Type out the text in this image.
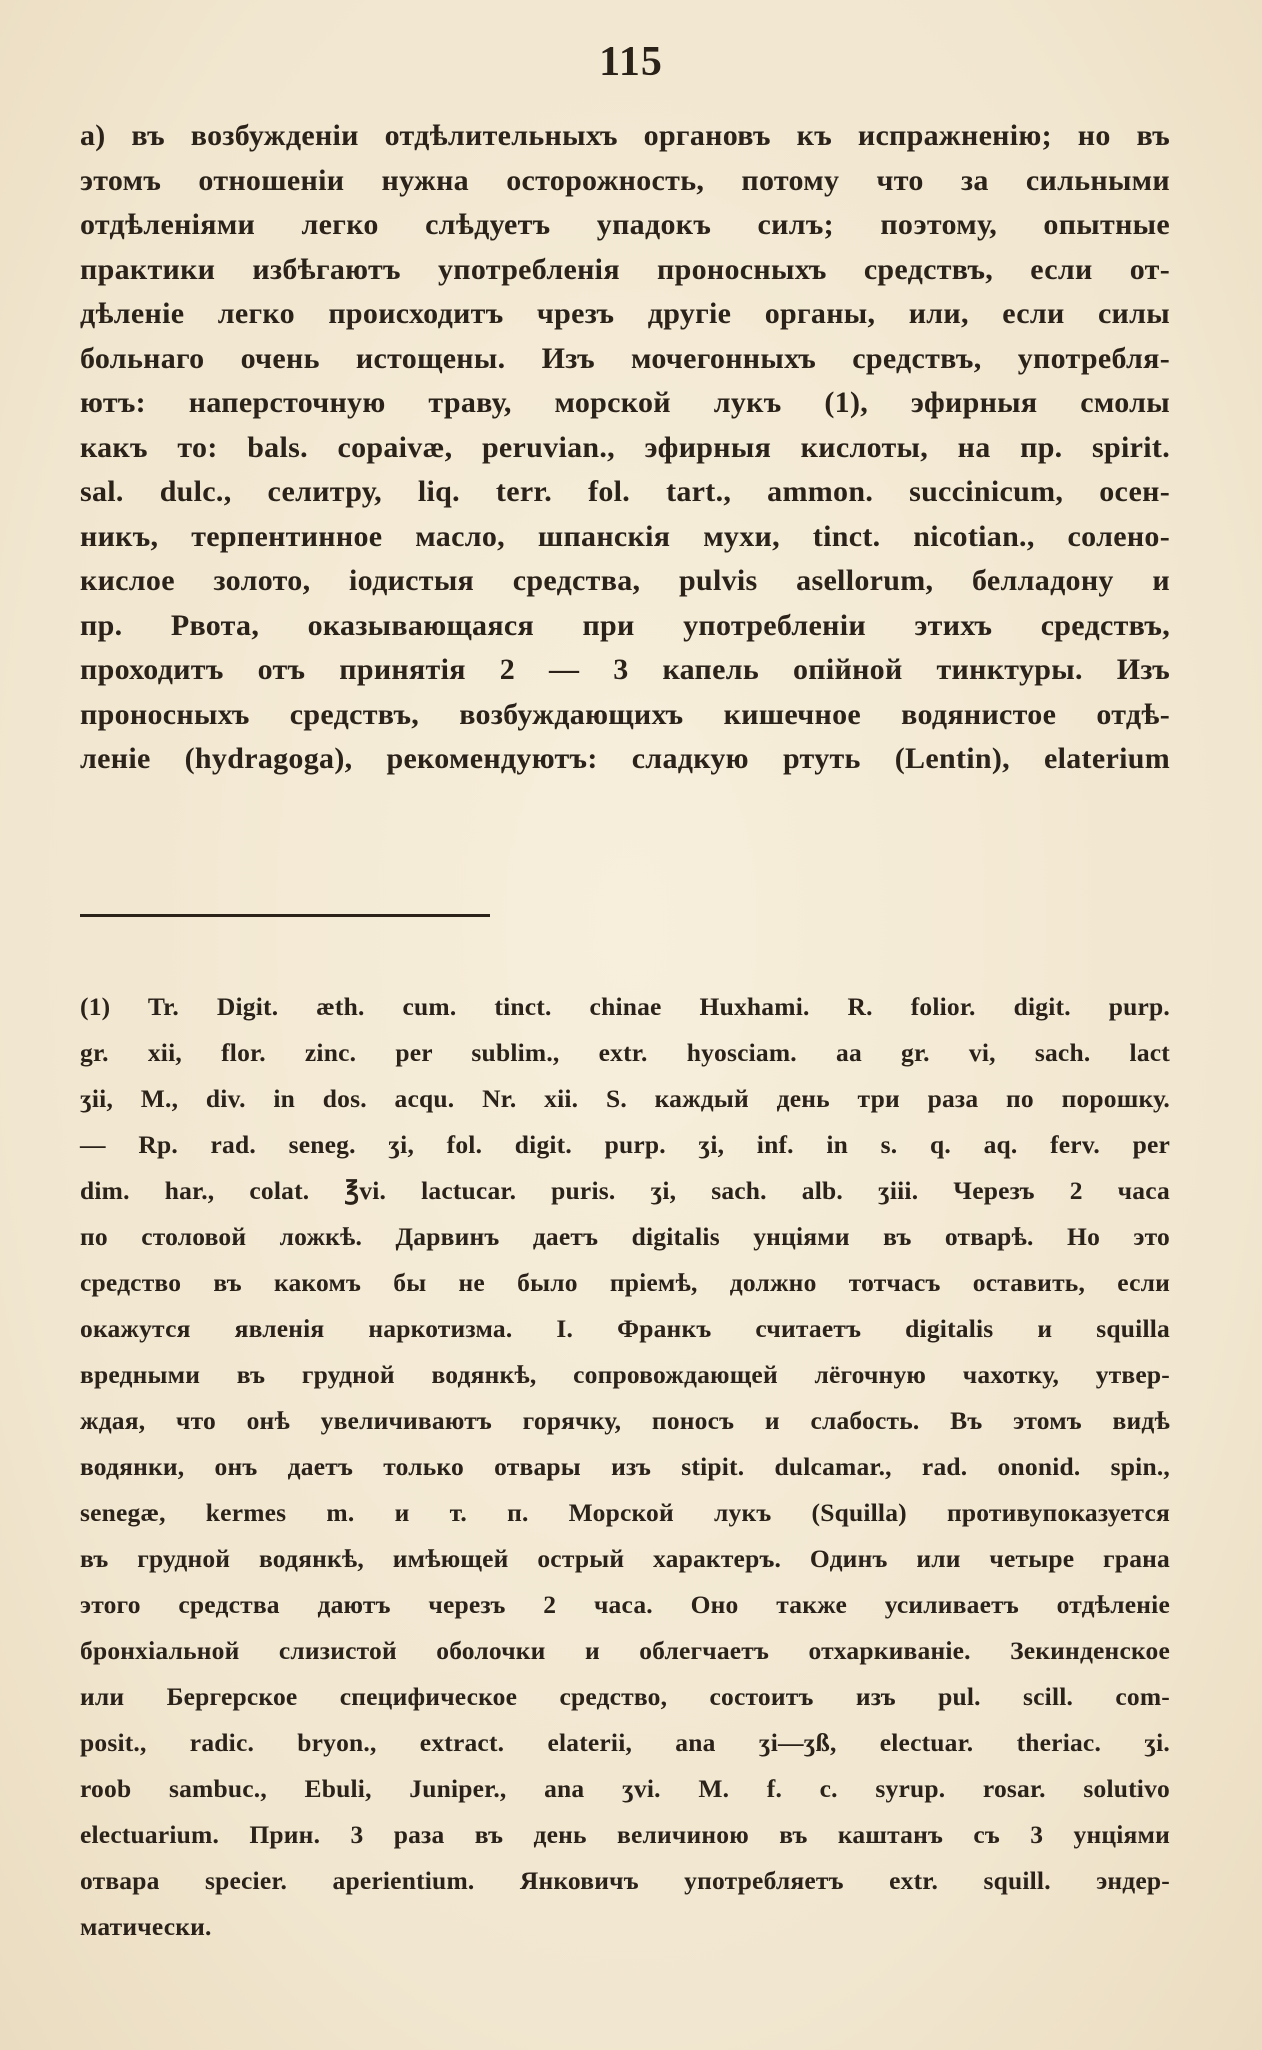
115
а) въ возбужденіи отдѣлительныхъ органовъ къ испражненію; но въ
этомъ отношеніи нужна осторожность, потому что за сильными
отдѣленіями легко слѣдуетъ упадокъ силъ; поэтому, опытные
практики избѣгаютъ употребленія проносныхъ средствъ, если от-
дѣленіе легко происходитъ чрезъ другіе органы, или, если силы
больнаго очень истощены. Изъ мочегонныхъ средствъ, употребля-
ютъ: наперсточную траву, морской лукъ (1), эфирныя смолы
какъ то: bals. copaivæ, peruvian., эфирныя кислоты, на пр. spirit.
sal. dulc., селитру, liq. terr. fol. tart., ammon. succinicum, осен-
никъ, терпентинное масло, шпанскія мухи, tinct. nicotian., солено-
кислое золото, іодистыя средства, pulvis asellorum, белладону и
пр. Рвота, оказывающаяся при употребленіи этихъ средствъ,
проходитъ отъ принятія 2 — 3 капель опійной тинктуры. Изъ
проносныхъ средствъ, возбуждающихъ кишечное водянистое отдѣ-
леніе (hydragoga), рекомендуютъ: сладкую ртуть (Lentin), elaterium
(1) Tr. Digit. æth. cum. tinct. chinae Huxhami. R. folior. digit. purp.
gr. xii, flor. zinc. per sublim., extr. hyosciam. aa gr. vi, sach. lact
ʒii, M., div. in dos. acqu. Nr. xii. S. каждый день три раза по порошку.
— Rp. rad. seneg. ʒi, fol. digit. purp. ʒi, inf. in s. q. aq. ferv. per
dim. har., colat. ℥vi. lactucar. puris. ʒi, sach. alb. ʒiii. Черезъ 2 часа
по столовой ложкѣ. Дарвинъ даетъ digitalis унціями въ отварѣ. Но это
средство въ какомъ бы не было пріемѣ, должно тотчасъ оставить, если
окажутся явленія наркотизма. І. Франкъ считаетъ digitalis и squilla
вредными въ грудной водянкѣ, сопровождающей лёгочную чахотку, утвер-
ждая, что онѣ увеличиваютъ горячку, поносъ и слабость. Въ этомъ видѣ
водянки, онъ даетъ только отвары изъ stipit. dulcamar., rad. ononid. spin.,
senegæ, kermes m. и т. п. Морской лукъ (Squilla) противупоказуется
въ грудной водянкѣ, имѣющей острый характеръ. Одинъ или четыре грана
этого средства даютъ черезъ 2 часа. Оно также усиливаетъ отдѣленіе
бронхіальной слизистой оболочки и облегчаетъ отхаркиваніе. Зекинденское
или Бергерское специфическое средство, состоитъ изъ pul. scill. com-
posit., radic. bryon., extract. elaterii, ana ʒi—ʒß, electuar. theriac. ʒi.
roob sambuc., Ebuli, Juniper., ana ʒvi. M. f. c. syrup. rosar. solutivo
electuarium. Прин. 3 раза въ день величиною въ каштанъ съ 3 унціями
отвара specier. aperientium. Янковичъ употребляетъ extr. squill. эндер-
матически.
